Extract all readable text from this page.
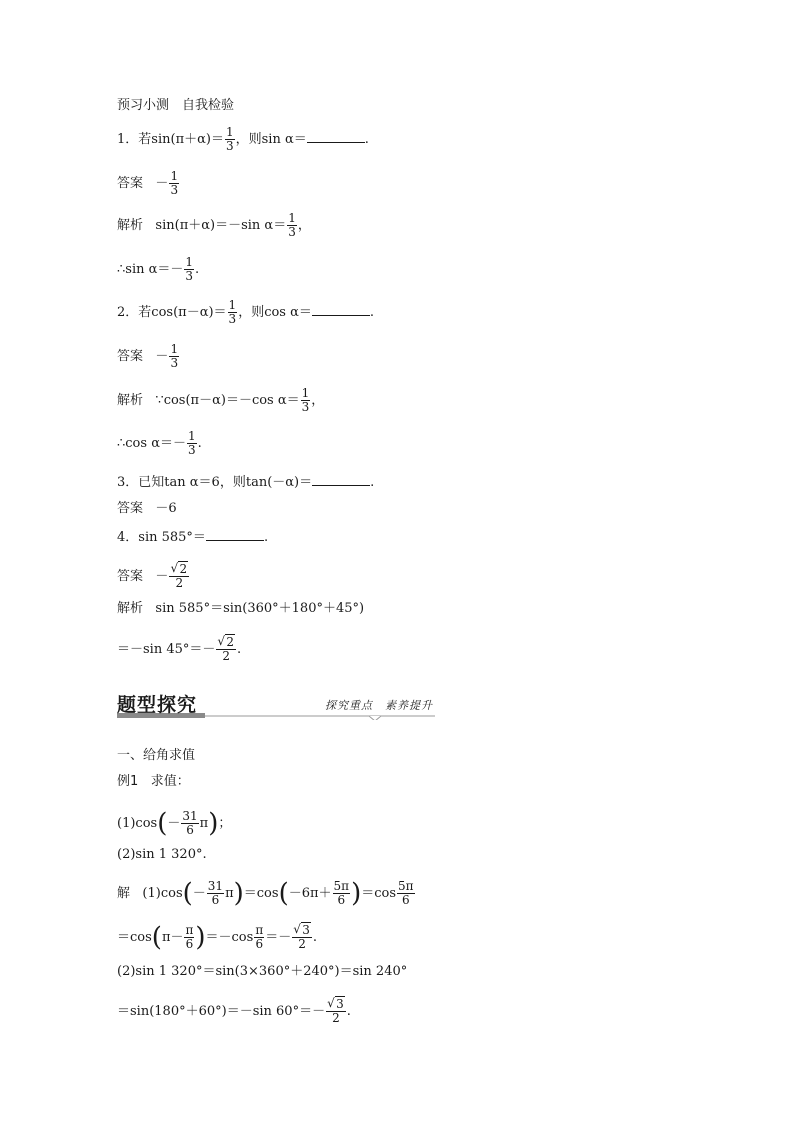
预习小测　自我检验
1．若$\sin(\pi+\alpha)= \frac{1}{3}$ ，则sin α＝	.
答案 － $\frac{1}{3}$
解析 sin(π＋α)＝－sin $\alpha= \frac{1}{3}$ ，
∴sin $\alpha=- \frac{1}{3}$ .
2．若$\cos(\pi-\alpha)= \frac{1}{3}$ ，则cos α＝	.
答案 － $\frac{1}{3}$
解析 ∵cos(π－α)＝－cos $\alpha= \frac{1}{3}$ ，
∴cos $\alpha=- \frac{1}{3}$ .
3．已知tan α＝6，则tan(－α)＝	.
答案 －6
4．sin 585°＝	.
答案 － $\frac{√ 2}{2}$
解析 sin 585°＝sin(360°＋180°＋45°)
＝－sin $45^\circ=- \frac{√ 2}{2}$ .
题型探究	探究重点　素养提升
一、给角求值
例1 求值：
$(1)\cos(- \frac{31}{6} \pi)$；
(2)sin 1 320°.
解 $(1)\cos(- \frac{31}{6} \pi)=\cos(-6\pi+ \frac{5\pi}{6} )=\cos \frac{5\pi}{6}$
$=\cos(\pi- \frac{\pi}{6} )=-\cos \frac{\pi}{6} =- \frac{√ 3}{2}$ .
(2)sin 1 320°＝sin(3×360°＋240°)＝sin 240°
＝sin(180°＋60°)＝－sin $60^\circ=- \frac{√ 3}{2}$ .
